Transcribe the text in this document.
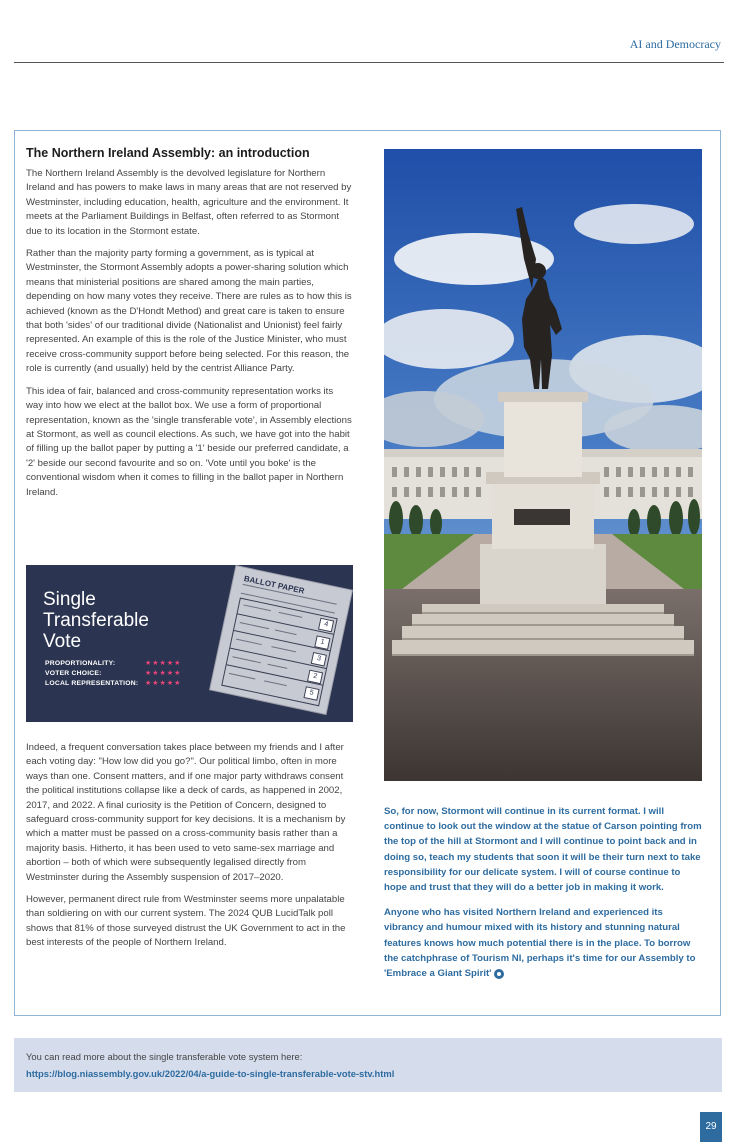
AI and Democracy
The Northern Ireland Assembly: an introduction

The Northern Ireland Assembly is the devolved legislature for Northern Ireland and has powers to make laws in many areas that are not reserved by Westminster, including education, health, agriculture and the environment. It meets at the Parliament Buildings in Belfast, often referred to as Stormont due to its location in the Stormont estate.

Rather than the majority party forming a government, as is typical at Westminster, the Stormont Assembly adopts a power-sharing solution which means that ministerial positions are shared among the main parties, depending on how many votes they receive. There are rules as to how this is achieved (known as the D'Hondt Method) and great care is taken to ensure that both 'sides' of our traditional divide (Nationalist and Unionist) feel fairly represented. An example of this is the role of the Justice Minister, who must receive cross-community support before being selected. For this reason, the role is currently (and usually) held by the centrist Alliance Party.

This idea of fair, balanced and cross-community representation works its way into how we elect at the ballot box. We use a form of proportional representation, known as the 'single transferable vote', in Assembly elections at Stormont, as well as council elections. As such, we have got into the habit of filling up the ballot paper by putting a '1' beside our preferred candidate, a '2' beside our second favourite and so on. 'Vote until you boke' is the conventional wisdom when it comes to filling in the ballot paper in Northern Ireland.

Single
Transferable
Vote
PROPORTIONALITY:	★★★★★
VOTER CHOICE:	★★★★★
LOCAL REPRESENTATION: ★★★★★
BALLOT PAPER
4
1
3
2
5

Indeed, a frequent conversation takes place between my friends and I after each voting day: "How low did you go?". Our political limbo, often in more ways than one. Consent matters, and if one major party withdraws consent the political institutions collapse like a deck of cards, as happened in 2002, 2017, and 2022. A final curiosity is the Petition of Concern, designed to safeguard cross-community support for key decisions. It is a mechanism by which a matter must be passed on a cross-community basis rather than a majority basis. Hitherto, it has been used to veto same-sex marriage and abortion – both of which were subsequently legalised directly from Westminster during the Assembly suspension of 2017–2020.

However, permanent direct rule from Westminster seems more unpalatable than soldiering on with our current system. The 2024 QUB LucidTalk poll shows that 81% of those surveyed distrust the UK Government to act in the best interests of the people of Northern Ireland.

So, for now, Stormont will continue in its current format. I will continue to look out the window at the statue of Carson pointing from the top of the hill at Stormont and I will continue to point back and in doing so, teach my students that soon it will be their turn next to take responsibility for our delicate system. I will of course continue to hope and trust that they will do a better job in making it work.

Anyone who has visited Northern Ireland and experienced its vibrancy and humour mixed with its history and stunning natural features knows how much potential there is in the place. To borrow the catchphrase of Tourism NI, perhaps it's time for our Assembly to 'Embrace a Giant Spirit'

You can read more about the single transferable vote system here:
https://blog.niassembly.gov.uk/2022/04/a-guide-to-single-transferable-vote-stv.html
29
